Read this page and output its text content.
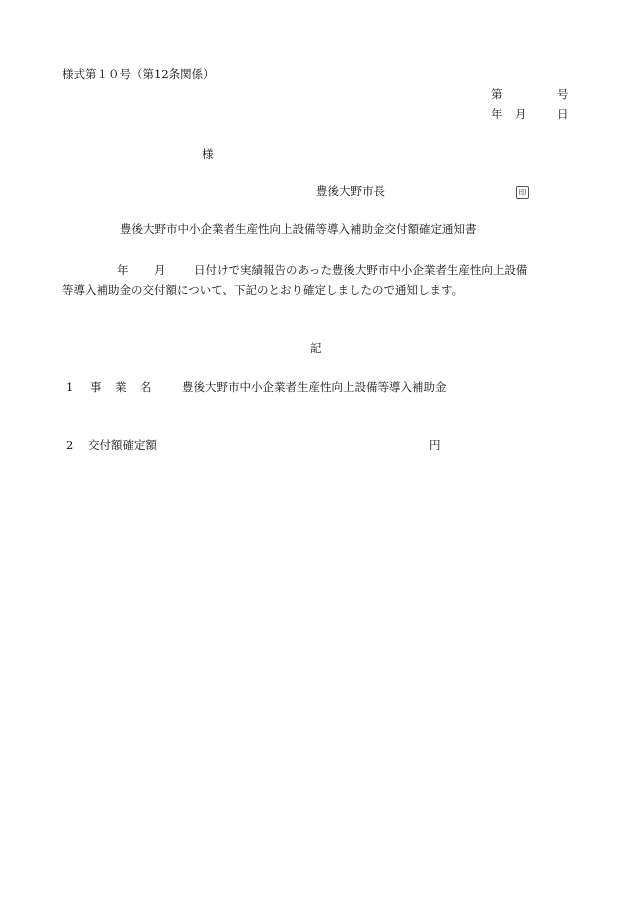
様式第１０号（第12条関係）
第	号
年 月	日
様
豊後大野市長	印
豊後大野市中小企業者生産性向上設備等導入補助金交付額確定通知書
年 月 日付けで実績報告のあった豊後大野市中小企業者生産性向上設備
等導入補助金の交付額について、下記のとおり確定しましたので通知します。
記
1 事　業　名	豊後大野市中小企業者生産性向上設備等導入補助金
2 交付額確定額	円
